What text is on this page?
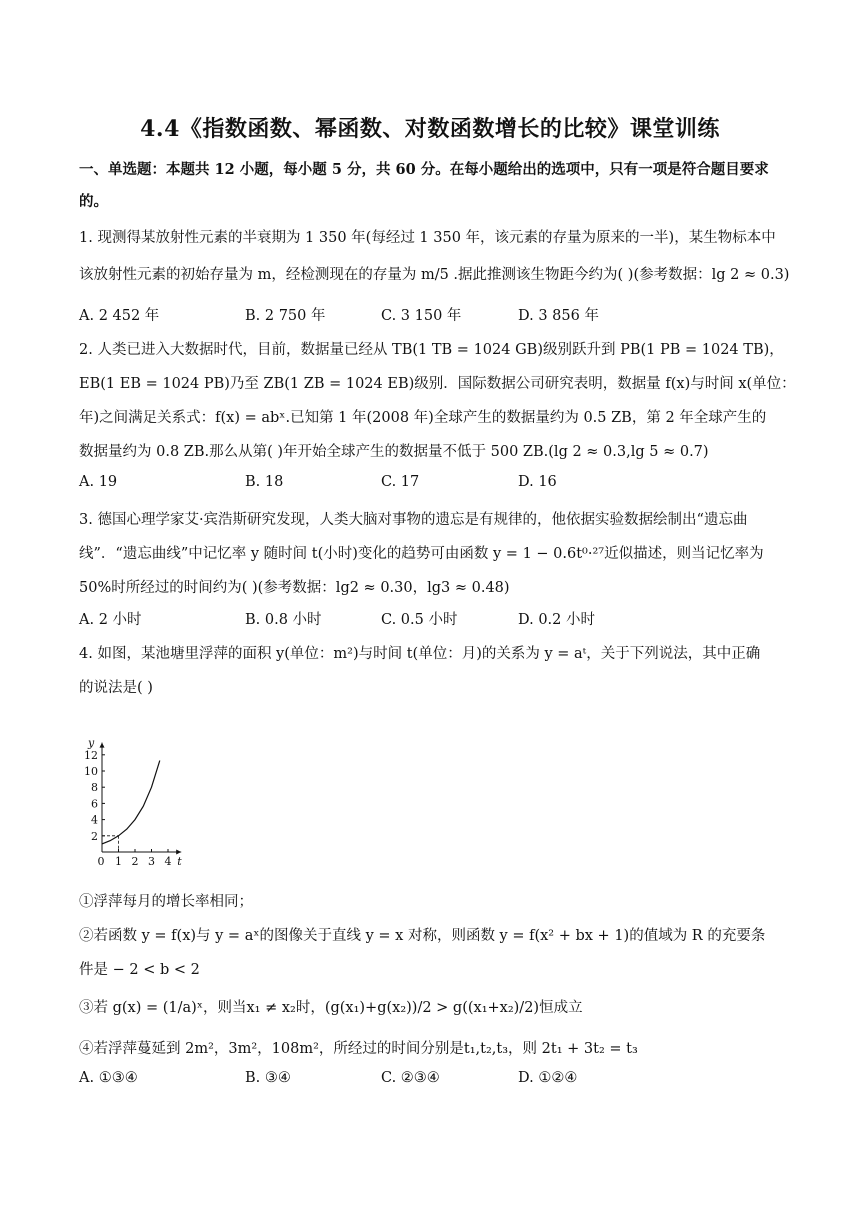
4.4《指数函数、幂函数、对数函数增长的比较》课堂训练
一、单选题：本题共 12 小题，每小题 5 分，共 60 分。在每小题给出的选项中，只有一项是符合题目要求
的。
1. 现测得某放射性元素的半衰期为 1 350 年(每经过 1 350 年，该元素的存量为原来的一半)，某生物标本中
该放射性元素的初始存量为 m，经检测现在的存量为 m/5 .据此推测该生物距今约为( )(参考数据：lg 2 ≈ 0.3)
A. 2 452 年	B. 2 750 年	C. 3 150 年	D. 3 856 年
2. 人类已进入大数据时代，目前，数据量已经从 TB(1 TB = 1024 GB)级别跃升到 PB(1 PB = 1024 TB)，
EB(1 EB = 1024 PB)乃至 ZB(1 ZB = 1024 EB)级别．国际数据公司研究表明，数据量 f(x)与时间 x(单位：
年)之间满足关系式：f(x) = abˣ.已知第 1 年(2008 年)全球产生的数据量约为 0.5 ZB，第 2 年全球产生的
数据量约为 0.8 ZB.那么从第( )年开始全球产生的数据量不低于 500 ZB.(lg 2 ≈ 0.3,lg 5 ≈ 0.7)
A. 19	B. 18	C. 17	D. 16
3. 德国心理学家艾·宾浩斯研究发现，人类大脑对事物的遗忘是有规律的，他依据实验数据绘制出“遗忘曲
线”．“遗忘曲线”中记忆率 y 随时间 t(小时)变化的趋势可由函数 y = 1 − 0.6t⁰·²⁷近似描述，则当记忆率为
50%时所经过的时间约为( )(参考数据：lg2 ≈ 0.30，lg3 ≈ 0.48)
A. 2 小时	B. 0.8 小时	C. 0.5 小时	D. 0.2 小时
4. 如图，某池塘里浮萍的面积 y(单位：m²)与时间 t(单位：月)的关系为 y = aᵗ，关于下列说法，其中正确
的说法是( )
2
4
6
8
10
12
0 1 2 3 4 t
y
①浮萍每月的增长率相同；
②若函数 y = f(x)与 y = aˣ的图像关于直线 y = x 对称，则函数 y = f(x² + bx + 1)的值域为 R 的充要条
件是 − 2 < b < 2
③若 g(x) = (1/a)ˣ，则当x₁ ≠ x₂时，(g(x₁)+g(x₂))/2 > g((x₁+x₂)/2)恒成立
④若浮萍蔓延到 2m²，3m²，108m²，所经过的时间分别是t₁,t₂,t₃，则 2t₁ + 3t₂ = t₃
A. ①③④	B. ③④	C. ②③④	D. ①②④
